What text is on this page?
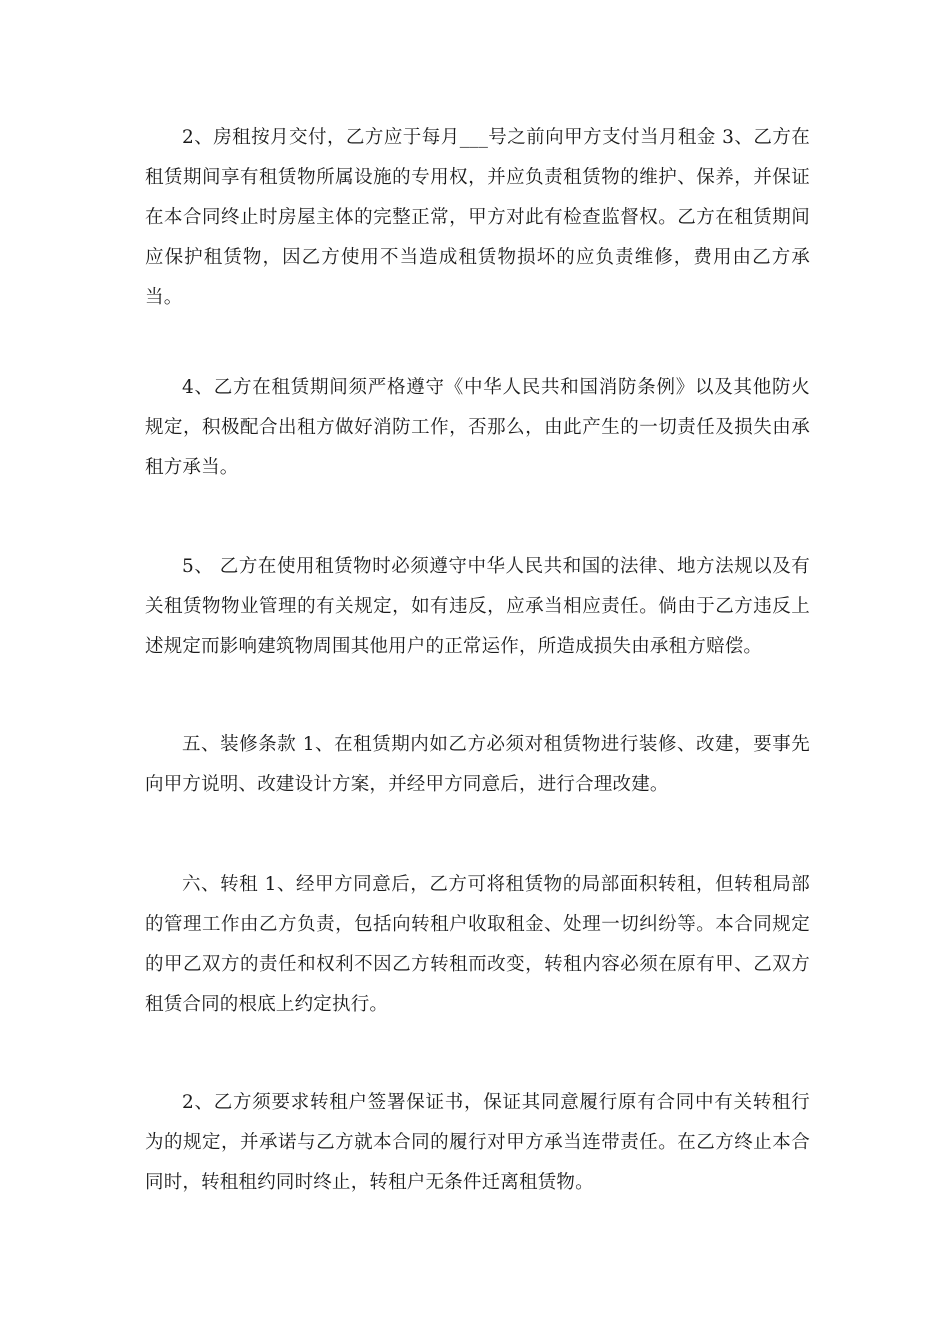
2、房租按月交付，乙方应于每月___号之前向甲方支付当月租金 3、乙方在租赁期间享有租赁物所属设施的专用权，并应负责租赁物的维护、保养，并保证在本合同终止时房屋主体的完整正常，甲方对此有检查监督权。乙方在租赁期间应保护租赁物，因乙方使用不当造成租赁物损坏的应负责维修，费用由乙方承当。

4、乙方在租赁期间须严格遵守《中华人民共和国消防条例》以及其他防火规定，积极配合出租方做好消防工作，否那么，由此产生的一切责任及损失由承租方承当。

5、 乙方在使用租赁物时必须遵守中华人民共和国的法律、地方法规以及有关租赁物物业管理的有关规定，如有违反，应承当相应责任。倘由于乙方违反上述规定而影响建筑物周围其他用户的正常运作，所造成损失由承租方赔偿。

五、装修条款 1、在租赁期内如乙方必须对租赁物进行装修、改建，要事先向甲方说明、改建设计方案，并经甲方同意后，进行合理改建。

六、转租 1、经甲方同意后，乙方可将租赁物的局部面积转租，但转租局部的管理工作由乙方负责，包括向转租户收取租金、处理一切纠纷等。本合同规定的甲乙双方的责任和权利不因乙方转租而改变，转租内容必须在原有甲、乙双方租赁合同的根底上约定执行。

2、乙方须要求转租户签署保证书，保证其同意履行原有合同中有关转租行为的规定，并承诺与乙方就本合同的履行对甲方承当连带责任。在乙方终止本合同时，转租租约同时终止，转租户无条件迁离租赁物。
